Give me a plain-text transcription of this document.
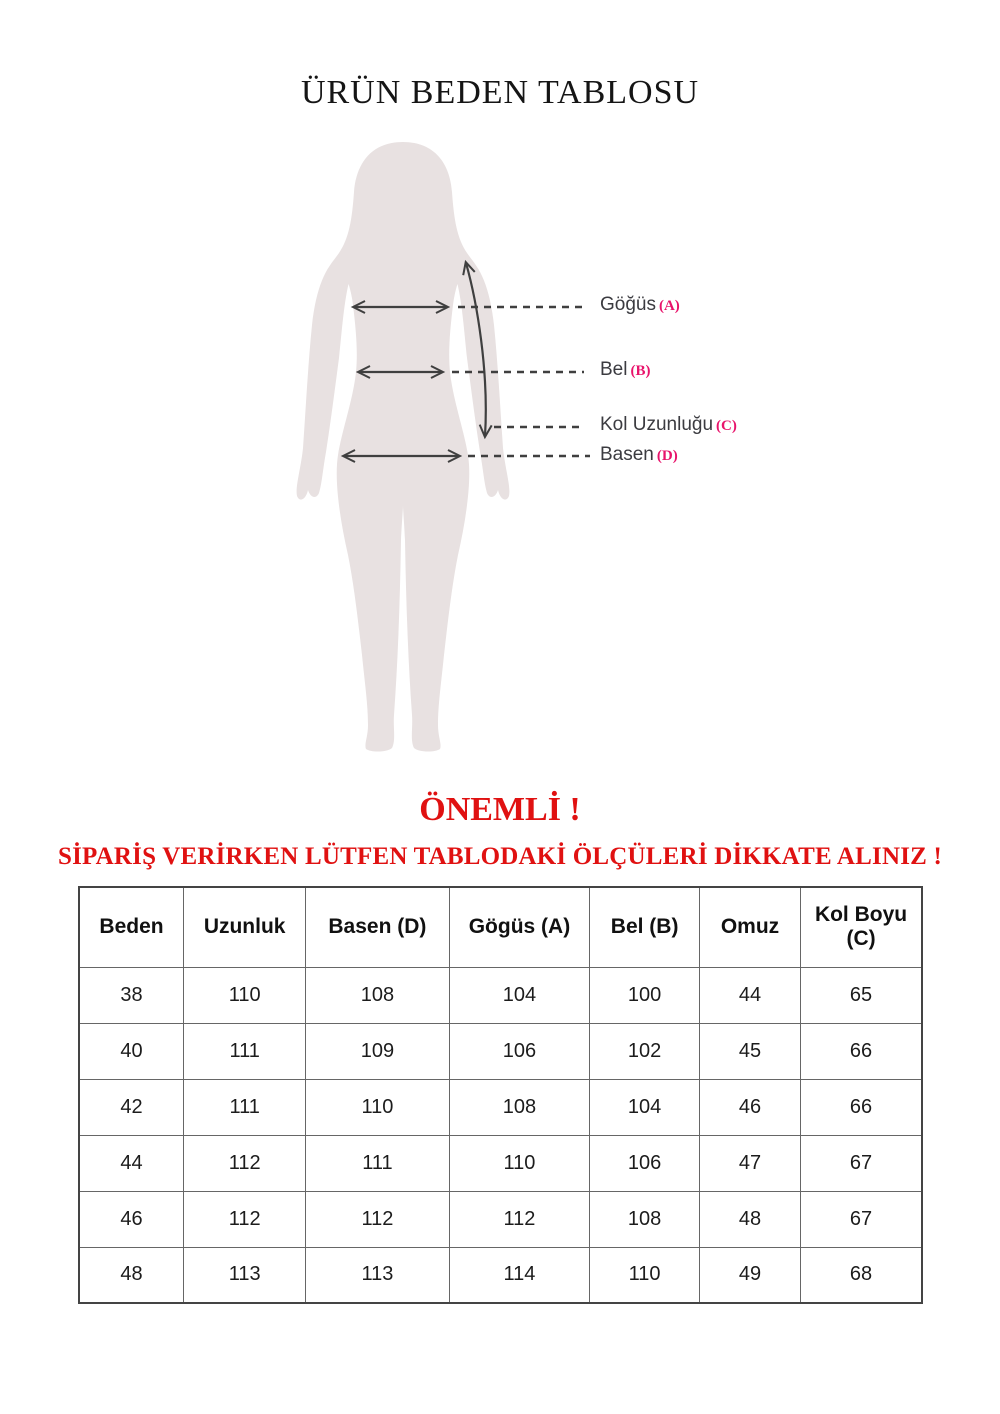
ÜRÜN BEDEN TABLOSU
Göğüs (A)
Bel (B)
Kol Uzunluğu (C)
Basen (D)
ÖNEMLİ !
SİPARİŞ VERİRKEN LÜTFEN TABLODAKİ ÖLÇÜLERİ DİKKATE ALINIZ !
Beden	Uzunluk	Basen (D)	Gögüs (A)	Bel (B)	Omuz	Kol Boyu (C)
38	110	108	104	100	44	65
40	111	109	106	102	45	66
42	111	110	108	104	46	66
44	112	111	110	106	47	67
46	112	112	112	108	48	67
48	113	113	114	110	49	68
